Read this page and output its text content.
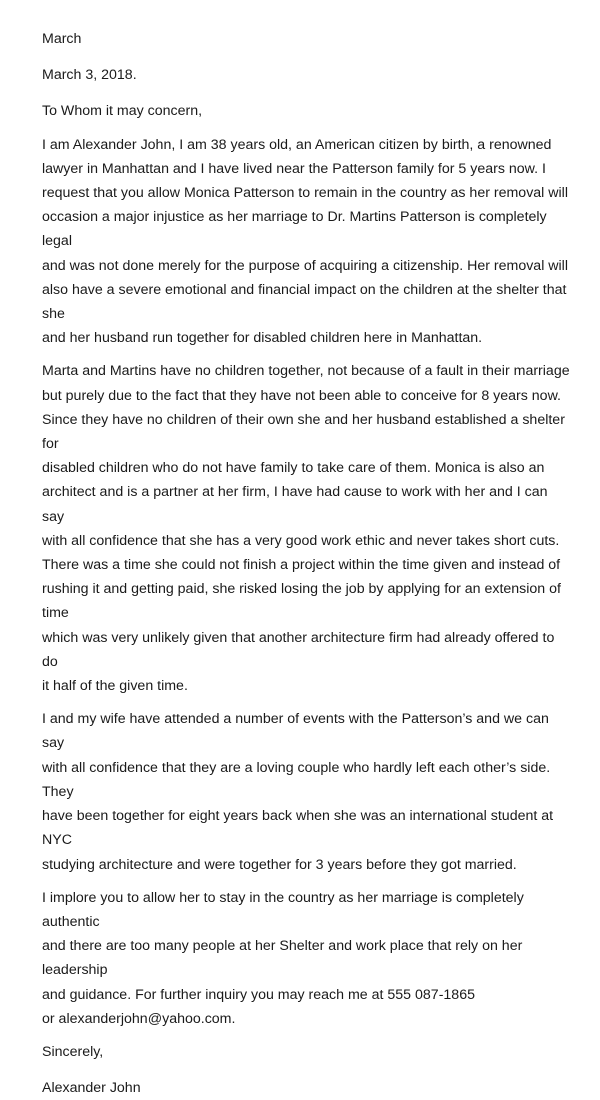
March

March 3, 2018.

To Whom it may concern,

I am Alexander John, I am 38 years old, an American citizen by birth, a renowned

lawyer in Manhattan and I have lived near the Patterson family for 5 years now. I

request that you allow Monica Patterson to remain in the country as her removal will

occasion a major injustice as her marriage to Dr. Martins Patterson is completely legal

and was not done merely for the purpose of acquiring a citizenship. Her removal will

also have a severe emotional and financial impact on the children at the shelter that she

and her husband run together for disabled children here in Manhattan.

Marta and Martins have no children together, not because of a fault in their marriage

but purely due to the fact that they have not been able to conceive for 8 years now.

Since they have no children of their own she and her husband established a shelter for

disabled children who do not have family to take care of them. Monica is also an

architect and is a partner at her firm, I have had cause to work with her and I can say

with all confidence that she has a very good work ethic and never takes short cuts.

There was a time she could not finish a project within the time given and instead of

rushing it and getting paid, she risked losing the job by applying for an extension of time

which was very unlikely given that another architecture firm had already offered to do

it half of the given time.

I and my wife have attended a number of events with the Patterson’s and we can say

with all confidence that they are a loving couple who hardly left each other’s side. They

have been together for eight years back when she was an international student at NYC

studying architecture and were together for 3 years before they got married.

I implore you to allow her to stay in the country as her marriage is completely authentic

and there are too many people at her Shelter and work place that rely on her leadership

and guidance. For further inquiry you may reach me at 555 087-1865

or alexanderjohn@yahoo.com.

Sincerely,

Alexander John
